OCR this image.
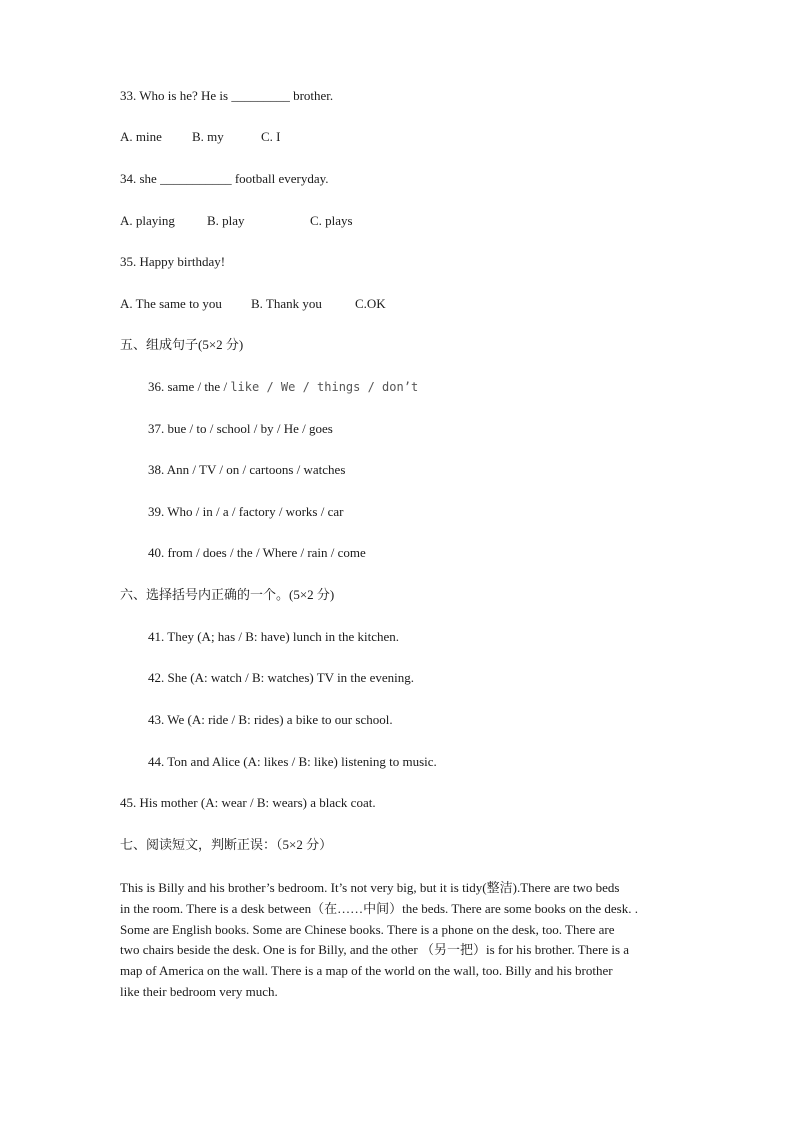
33. Who is he? He is _________ brother.
A. mine B. my	C. I
34. she ___________ football everyday.
A. playing B. play	C. plays
35. Happy birthday!
A. The same to you B. Thank you	C.OK
五、组成句子(5×2 分)
36. same / the / like / We / things / don’t
37. bue / to / school / by / He / goes
38. Ann / TV / on / cartoons / watches
39. Who / in / a / factory / works / car
40. from / does / the / Where / rain / come
六、选择括号内正确的一个。(5×2 分)
41. They (A; has / B: have) lunch in the kitchen.
42. She (A: watch / B: watches) TV in the evening.
43. We (A: ride / B: rides) a bike to our school.
44. Ton and Alice (A: likes / B: like) listening to music.
45. His mother (A: wear / B: wears) a black coat.
七、阅读短文，判断正误：（5×2 分）
This is Billy and his brother’s bedroom. It’s not very big, but it is tidy(整洁).There are two beds
in the room. There is a desk between（在……中间）the beds. There are some books on the desk. .
Some are English books. Some are Chinese books. There is a phone on the desk, too. There are
two chairs beside the desk. One is for Billy, and the other （另一把）is for his brother. There is a
map of America on the wall. There is a map of the world on the wall, too. Billy and his brother
like their bedroom very much.
